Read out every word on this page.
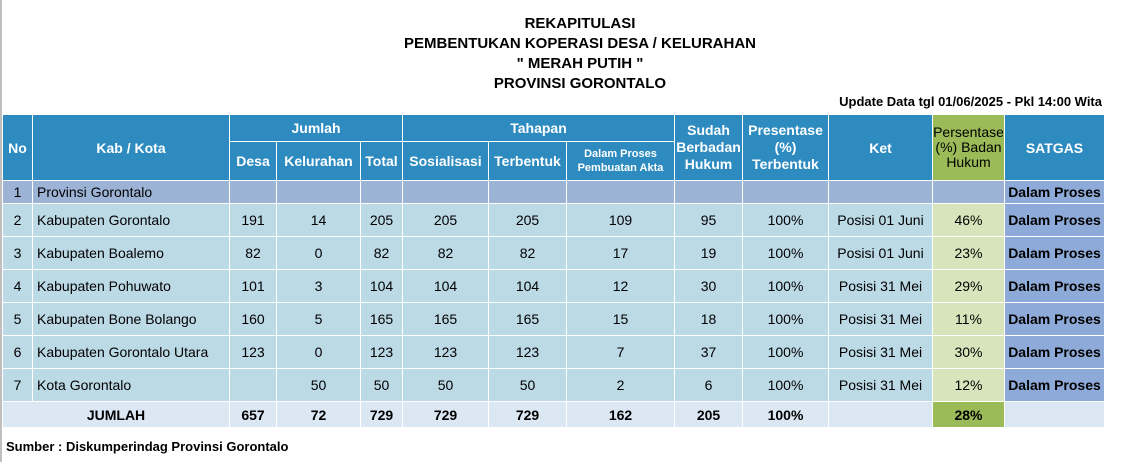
REKAPITULASI
PEMBENTUKAN KOPERASI DESA / KELURAHAN
" MERAH PUTIH "
PROVINSI GORONTALO
Update Data tgl 01/06/2025 - Pkl 14:00 Wita
No	Kab / Kota	Jumlah			Tahapan			Sudah Berbadan Hukum	Presentase (%) Terbentuk	Ket	Persentase (%) Badan Hukum	SATGAS
		Desa	Kelurahan	Total	Sosialisasi	Terbentuk	Dalam Proses Pembuatan Akta					
1	Provinsi Gorontalo											Dalam Proses
2	Kabupaten Gorontalo	191	14	205	205	205	109	95	100%	Posisi 01 Juni	46%	Dalam Proses
3	Kabupaten Boalemo	82	0	82	82	82	17	19	100%	Posisi 01 Juni	23%	Dalam Proses
4	Kabupaten Pohuwato	101	3	104	104	104	12	30	100%	Posisi 31 Mei	29%	Dalam Proses
5	Kabupaten Bone Bolango	160	5	165	165	165	15	18	100%	Posisi 31 Mei	11%	Dalam Proses
6	Kabupaten Gorontalo Utara	123	0	123	123	123	7	37	100%	Posisi 31 Mei	30%	Dalam Proses
7	Kota Gorontalo		50	50	50	50	2	6	100%	Posisi 31 Mei	12%	Dalam Proses
JUMLAH		657	72	729	729	729	162	205	100%		28%	
Sumber : Diskumperindag Provinsi Gorontalo
